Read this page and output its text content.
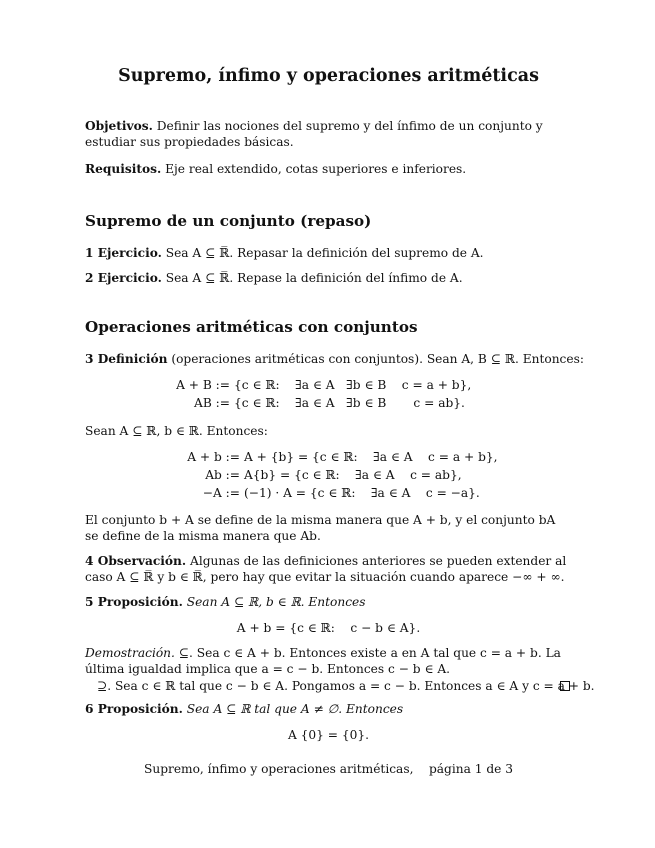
Supremo, ínfimo y operaciones aritméticas
Objetivos. Definir las nociones del supremo y del ínfimo de un conjunto y estudiar sus propiedades básicas.
Requisitos. Eje real extendido, cotas superiores e inferiores.
Supremo de un conjunto (repaso)
1 Ejercicio. Sea A ⊆ ℝ̅. Repasar la definición del supremo de A.
2 Ejercicio. Sea A ⊆ ℝ̅. Repase la definición del ínfimo de A.
Operaciones aritméticas con conjuntos
3 Definición (operaciones aritméticas con conjuntos). Sean A, B ⊆ ℝ. Entonces:
A + B := {c ∈ ℝ:    ∃a ∈ A   ∃b ∈ B    c = a + b},
AB := {c ∈ ℝ:    ∃a ∈ A   ∃b ∈ B       c = ab}.
Sean A ⊆ ℝ, b ∈ ℝ. Entonces:
A + b := A + {b} = {c ∈ ℝ:    ∃a ∈ A    c = a + b},
Ab := A{b} = {c ∈ ℝ:    ∃a ∈ A    c = ab},
−A := (−1) · A = {c ∈ ℝ:    ∃a ∈ A    c = −a}.
El conjunto b + A se define de la misma manera que A + b, y el conjunto bA se define de la misma manera que Ab.
4 Observación. Algunas de las definiciones anteriores se pueden extender al caso A ⊆ ℝ̅ y b ∈ ℝ̅, pero hay que evitar la situación cuando aparece −∞ + ∞.
5 Proposición. Sean A ⊆ ℝ, b ∈ ℝ. Entonces
A + b = {c ∈ ℝ:    c − b ∈ A}.
Demostración. ⊆. Sea c ∈ A + b. Entonces existe a en A tal que c = a + b. La última igualdad implica que a = c − b. Entonces c − b ∈ A.
⊇. Sea c ∈ ℝ tal que c − b ∈ A. Pongamos a = c − b. Entonces a ∈ A y c = a + b.
6 Proposición. Sea A ⊆ ℝ tal que A ≠ ∅. Entonces
A {0} = {0}.
Supremo, ínfimo y operaciones aritméticas,    página 1 de 3
